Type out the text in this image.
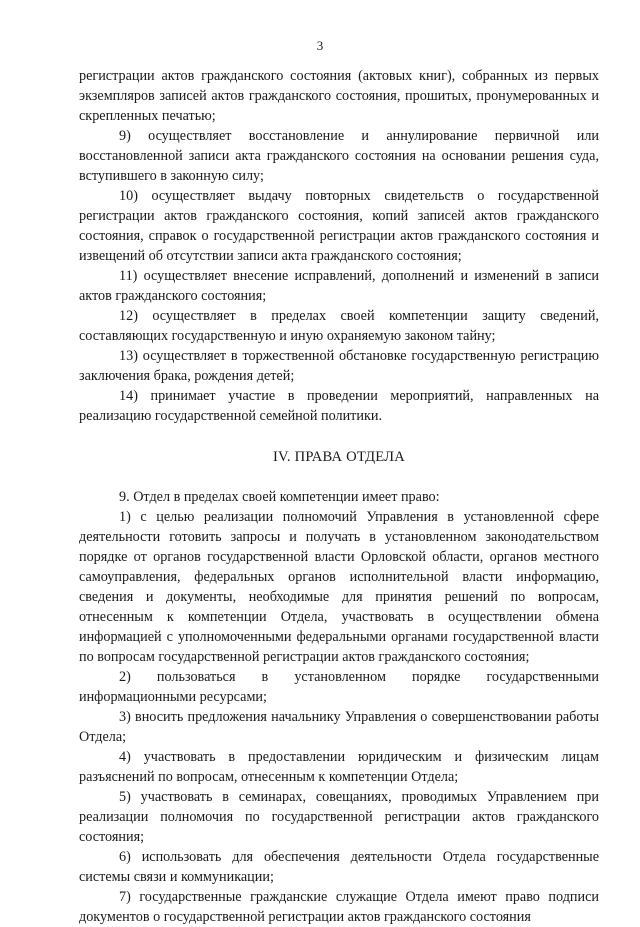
3

регистрации актов гражданского состояния (актовых книг), собранных из первых экземпляров записей актов гражданского состояния, прошитых, пронумерованных и скрепленных печатью;

9) осуществляет восстановление и аннулирование первичной или восстановленной записи акта гражданского состояния на основании решения суда, вступившего в законную силу;

10) осуществляет выдачу повторных свидетельств о государственной регистрации актов гражданского состояния, копий записей актов гражданского состояния, справок о государственной регистрации актов гражданского состояния и извещений об отсутствии записи акта гражданского состояния;

11) осуществляет внесение исправлений, дополнений и изменений в записи актов гражданского состояния;

12) осуществляет в пределах своей компетенции защиту сведений, составляющих государственную и иную охраняемую законом тайну;

13) осуществляет в торжественной обстановке государственную регистрацию заключения брака, рождения детей;

14) принимает участие в проведении мероприятий, направленных на реализацию государственной семейной политики.

IV. ПРАВА ОТДЕЛА

9. Отдел в пределах своей компетенции имеет право:

1) с целью реализации полномочий Управления в установленной сфере деятельности готовить запросы и получать в установленном законодательством порядке от органов государственной власти Орловской области, органов местного самоуправления, федеральных органов исполнительной власти информацию, сведения и документы, необходимые для принятия решений по вопросам, отнесенным к компетенции Отдела, участвовать в осуществлении обмена информацией с уполномоченными федеральными органами государственной власти по вопросам государственной регистрации актов гражданского состояния;

2) пользоваться в установленном порядке государственными информационными ресурсами;

3) вносить предложения начальнику Управления о совершенствовании работы Отдела;

4) участвовать в предоставлении юридическим и физическим лицам разъяснений по вопросам, отнесенным к компетенции Отдела;

5) участвовать в семинарах, совещаниях, проводимых Управлением при реализации полномочия по государственной регистрации актов гражданского состояния;

6) использовать для обеспечения деятельности Отдела государственные системы связи и коммуникации;

7) государственные гражданские служащие Отдела имеют право подписи документов о государственной регистрации актов гражданского состояния
